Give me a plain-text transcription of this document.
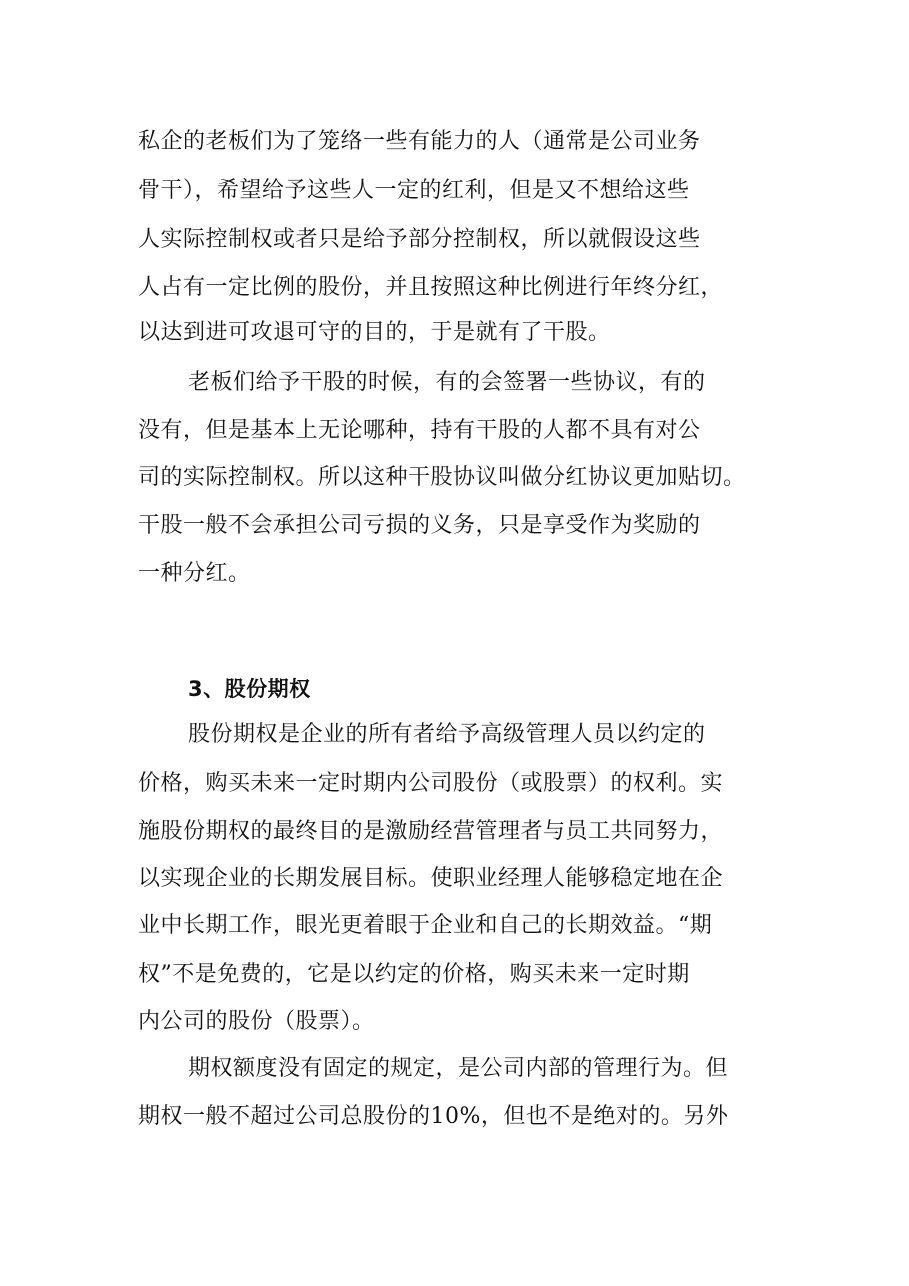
私企的老板们为了笼络一些有能力的人（通常是公司业务
骨干），希望给予这些人一定的红利，但是又不想给这些
人实际控制权或者只是给予部分控制权，所以就假设这些
人占有一定比例的股份，并且按照这种比例进行年终分红，
以达到进可攻退可守的目的，于是就有了干股。
老板们给予干股的时候，有的会签署一些协议，有的
没有，但是基本上无论哪种，持有干股的人都不具有对公
司的实际控制权。所以这种干股协议叫做分红协议更加贴切。
干股一般不会承担公司亏损的义务，只是享受作为奖励的
一种分红。
3、股份期权
股份期权是企业的所有者给予高级管理人员以约定的
价格，购买未来一定时期内公司股份（或股票）的权利。实
施股份期权的最终目的是激励经营管理者与员工共同努力，
以实现企业的长期发展目标。使职业经理人能够稳定地在企
业中长期工作，眼光更着眼于企业和自己的长期效益。“期
权”不是免费的，它是以约定的价格，购买未来一定时期
内公司的股份（股票）。
期权额度没有固定的规定，是公司内部的管理行为。但
期权一般不超过公司总股份的10%，但也不是绝对的。另外
